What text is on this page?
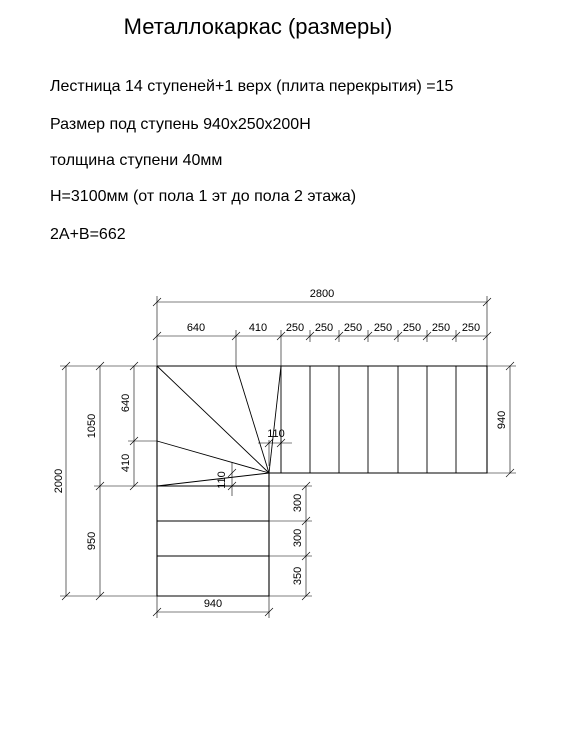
Металлокаркас (размеры)
Лестница 14 ступеней+1 верх (плита перекрытия) =15
Размер под ступень 940х250х200Н
толщина ступени 40мм
Н=3100мм (от пола 1 эт до пола 2 этажа)
2А+В=662
2800
640	410 250 250 250 250 250 250 250
2000
1050
950
640
410
940
300
300
350
940
110
110
